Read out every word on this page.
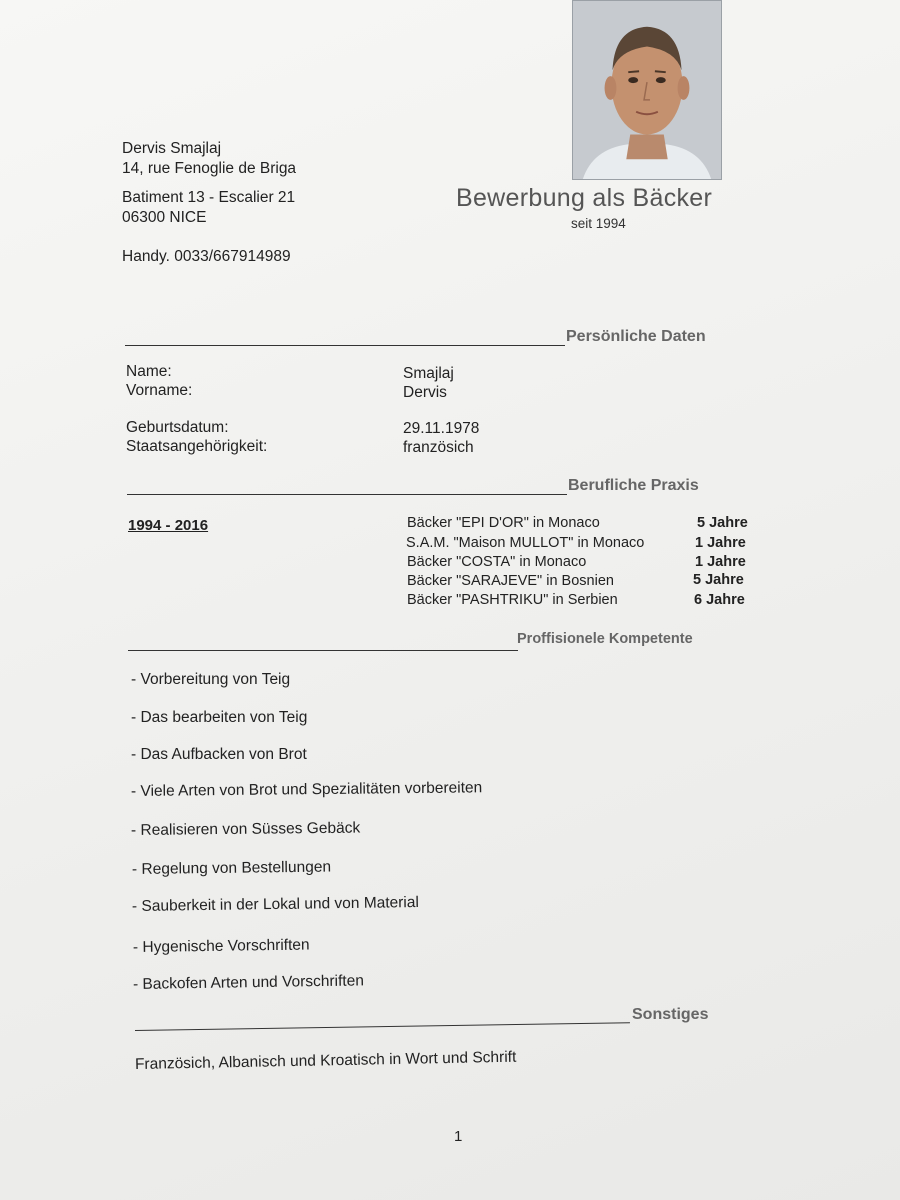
Dervis Smajlaj
14, rue Fenoglie de Briga
Batiment 13 - Escalier 21
06300 NICE
Handy. 0033/667914989
Bewerbung als Bäcker
seit 1994
Persönliche Daten
Name:	Smajlaj
Vorname:	Dervis
Geburtsdatum:	29.11.1978
Staatsangehörigkeit:	französich
Berufliche Praxis
1994 - 2016	Bäcker "EPI D'OR" in Monaco	5 Jahre
S.A.M. "Maison MULLOT" in Monaco	1 Jahre
Bäcker "COSTA" in Monaco	1 Jahre
Bäcker "SARAJEVE" in Bosnien	5 Jahre
Bäcker "PASHTRIKU" in Serbien	6 Jahre
Proffisionele Kompetente
- Vorbereitung von Teig
- Das bearbeiten von Teig
- Das Aufbacken von Brot
- Viele Arten von Brot und Spezialitäten vorbereiten
- Realisieren von Süsses Gebäck
- Regelung von Bestellungen
- Sauberkeit in der Lokal und von Material
- Hygenische Vorschriften
- Backofen Arten und Vorschriften
Sonstiges
Französich, Albanisch und Kroatisch in Wort und Schrift
1
